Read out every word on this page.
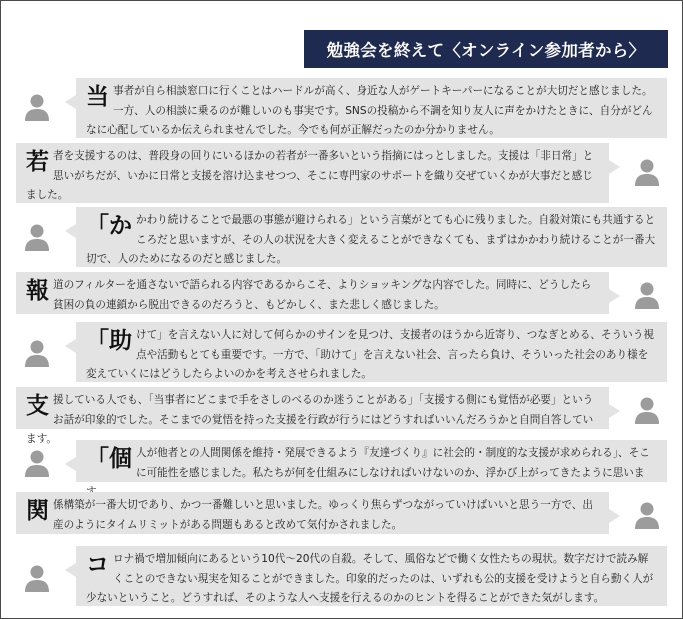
勉強会を終えて〈オンライン参加者から〉
当事者が自ら相談窓口に行くことはハードルが高く、身近な人がゲートキーパーになることが大切だと感じました。一方、人の相談に乗るのが難しいのも事実です。SNSの投稿から不調を知り友人に声をかけたときに、自分がどんなに心配しているか伝えられませんでした。今でも何が正解だったのか分かりません。
若者を支援するのは、普段身の回りにいるほかの若者が一番多いという指摘にはっとしました。支援は「非日常」と思いがちだが、いかに日常と支援を溶け込ませつつ、そこに専門家のサポートを織り交ぜていくかが大事だと感じました。
「かかわり続けることで最悪の事態が避けられる」という言葉がとても心に残りました。自殺対策にも共通するところだと思いますが、その人の状況を大きく変えることができなくても、まずはかかわり続けることが一番大切で、人のためになるのだと感じました。
報道のフィルターを通さないで語られる内容であるからこそ、よりショッキングな内容でした。同時に、どうしたら貧困の負の連鎖から脱出できるのだろうと、もどかしく、また悲しく感じました。
「助けて」を言えない人に対して何らかのサインを見つけ、支援者のほうから近寄り、つなぎとめる、そういう視点や活動もとても重要です。一方で、「助けて」を言えない社会、言ったら負け、そういった社会のあり様を変えていくにはどうしたらよいのかを考えさせられました。
支援している人でも、「当事者にどこまで手をさしのべるのか迷うことがある」「支援する側にも覚悟が必要」というお話が印象的でした。そこまでの覚悟を持った支援を行政が行うにはどうすればいいんだろうかと自問自答しています。
「個人が他者との人間関係を維持・発展できるよう『友達づくり』に社会的・制度的な支援が求められる」、そこに可能性を感じました。私たちが何を仕組みにしなければいけないのか、浮かび上がってきたように思いま
関係構築が一番大切であり、かつ一番難しいと思いました。ゆっくり焦らずつながっていけばいいと思う一方で、出産のようにタイムリミットがある問題もあると改めて気付かされました。
コロナ禍で増加傾向にあるという10代～20代の自殺。そして、風俗などで働く女性たちの現状。数字だけで読み解くことのできない現実を知ることができました。印象的だったのは、いずれも公的支援を受けようと自ら動く人が少ないということ。どうすれば、そのような人へ支援を行えるのかのヒントを得ることができた気がします。
